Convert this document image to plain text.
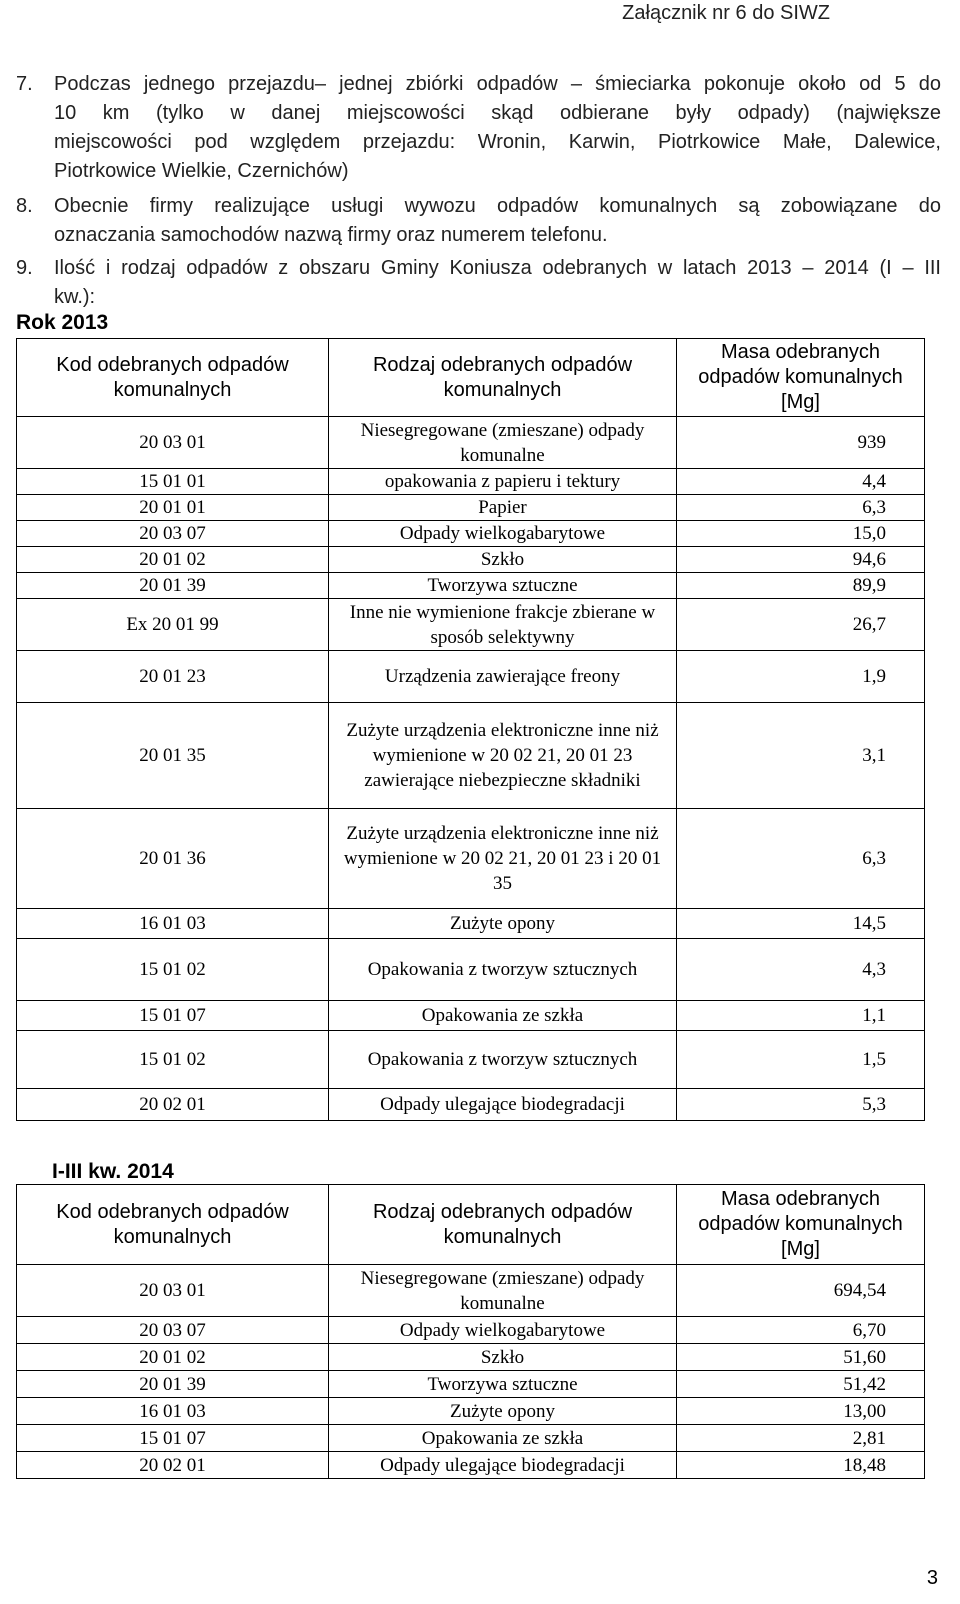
Załącznik nr 6 do SIWZ
7.	Podczas jednego przejazdu– jednej zbiórki odpadów – śmieciarka pokonuje około od 5 do
10 km (tylko w danej miejscowości skąd odbierane były odpady) (największe
miejscowości pod względem przejazdu: Wronin, Karwin, Piotrkowice Małe, Dalewice,
Piotrkowice Wielkie, Czernichów)
8.	Obecnie firmy realizujące usługi wywozu odpadów komunalnych są zobowiązane do
oznaczania samochodów nazwą firmy oraz numerem telefonu.
9.	Ilość i rodzaj odpadów z obszaru Gminy Koniusza odebranych w latach 2013 – 2014 (I – III
kw.):
Rok 2013
Kod odebranych odpadów komunalnych	Rodzaj odebranych odpadów komunalnych	Masa odebranych odpadów komunalnych [Mg]
20 03 01	Niesegregowane (zmieszane) odpady komunalne	939
15 01 01	opakowania z papieru i tektury	4,4
20 01 01	Papier	6,3
20 03 07	Odpady wielkogabarytowe	15,0
20 01 02	Szkło	94,6
20 01 39	Tworzywa sztuczne	89,9
Ex 20 01 99	Inne nie wymienione frakcje zbierane w sposób selektywny	26,7
20 01 23	Urządzenia zawierające freony	1,9
20 01 35	Zużyte urządzenia elektroniczne inne niż wymienione w 20 02 21, 20 01 23 zawierające niebezpieczne składniki	3,1
20 01 36	Zużyte urządzenia elektroniczne inne niż wymienione w 20 02 21, 20 01 23 i 20 01 35	6,3
16 01 03	Zużyte opony	14,5
15 01 02	Opakowania z tworzyw sztucznych	4,3
15 01 07	Opakowania ze szkła	1,1
15 01 02	Opakowania z tworzyw sztucznych	1,5
20 02 01	Odpady ulegające biodegradacji	5,3
I-III kw. 2014
Kod odebranych odpadów komunalnych	Rodzaj odebranych odpadów komunalnych	Masa odebranych odpadów komunalnych [Mg]
20 03 01	Niesegregowane (zmieszane) odpady komunalne	694,54
20 03 07	Odpady wielkogabarytowe	6,70
20 01 02	Szkło	51,60
20 01 39	Tworzywa sztuczne	51,42
16 01 03	Zużyte opony	13,00
15 01 07	Opakowania ze szkła	2,81
20 02 01	Odpady ulegające biodegradacji	18,48
3
